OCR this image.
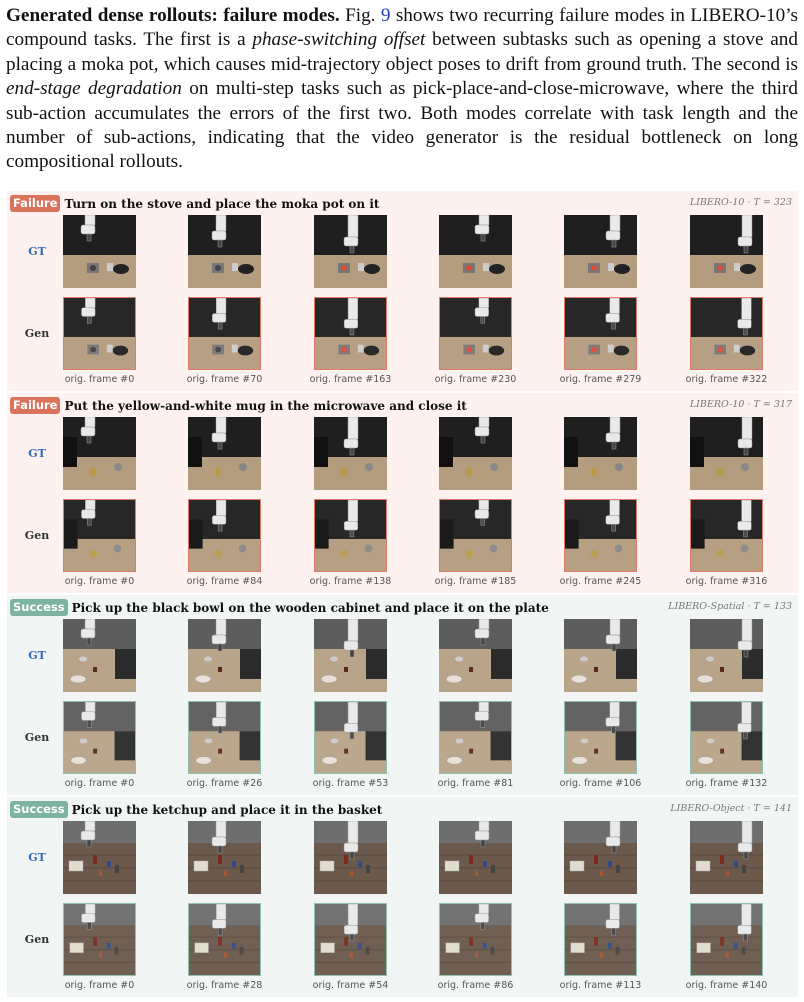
Generated dense rollouts: failure modes. Fig. 9 shows two recurring failure modes in LIBERO-10’s compound tasks. The first is a phase-switching offset between subtasks such as opening a stove and placing a moka pot, which causes mid-trajectory object poses to drift from ground truth. The second is end-stage degradation on multi-step tasks such as pick-place-and-close-microwave, where the third sub-action accumulates the errors of the first two. Both modes correlate with task length and the number of sub-actions, indicating that the video generator is the residual bottleneck on long compositional rollouts.
Failure Turn on the stove and place the moka pot on it	LIBERO-10 · T = 323
GT
Gen
orig. frame #0	orig. frame #70	orig. frame #163	orig. frame #230	orig. frame #279	orig. frame #322
Failure Put the yellow-and-white mug in the microwave and close it	LIBERO-10 · T = 317
GT
Gen
orig. frame #0	orig. frame #84	orig. frame #138	orig. frame #185	orig. frame #245	orig. frame #316
Success Pick up the black bowl on the wooden cabinet and place it on the plate	LIBERO-Spatial · T = 133
GT
Gen
orig. frame #0	orig. frame #26	orig. frame #53	orig. frame #81	orig. frame #106	orig. frame #132
Success Pick up the ketchup and place it in the basket	LIBERO-Object · T = 141
GT
Gen
orig. frame #0	orig. frame #28	orig. frame #54	orig. frame #86	orig. frame #113	orig. frame #140
